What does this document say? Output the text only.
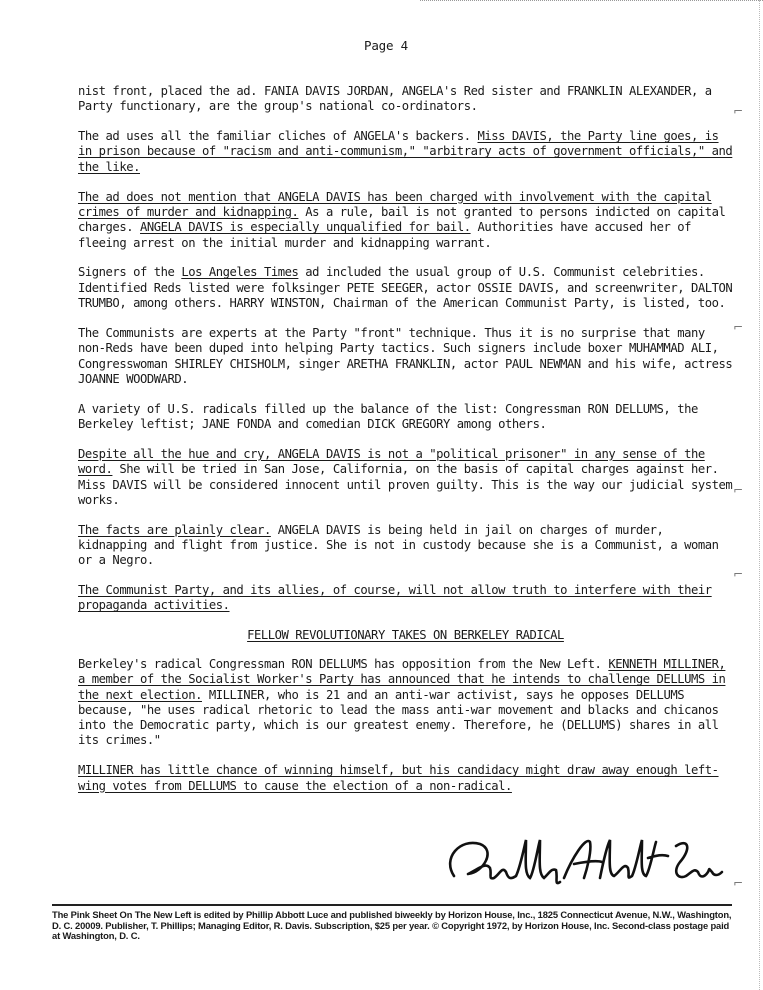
Page 4

nist front, placed the ad. FANIA DAVIS JORDAN, ANGELA's Red sister and FRANKLIN ALEXANDER, a Party functionary, are the group's national co-ordinators.

The ad uses all the familiar cliches of ANGELA's backers. Miss DAVIS, the Party line goes, is in prison because of "racism and anti-communism," "arbitrary acts of government officials," and the like.

The ad does not mention that ANGELA DAVIS has been charged with involvement with the capital crimes of murder and kidnapping. As a rule, bail is not granted to persons indicted on capital charges. ANGELA DAVIS is especially unqualified for bail. Authorities have accused her of fleeing arrest on the initial murder and kidnapping warrant.

Signers of the Los Angeles Times ad included the usual group of U.S. Communist celebrities. Identified Reds listed were folksinger PETE SEEGER, actor OSSIE DAVIS, and screenwriter, DALTON TRUMBO, among others. HARRY WINSTON, Chairman of the American Communist Party, is listed, too.

The Communists are experts at the Party "front" technique. Thus it is no surprise that many non-Reds have been duped into helping Party tactics. Such signers include boxer MUHAMMAD ALI, Congresswoman SHIRLEY CHISHOLM, singer ARETHA FRANKLIN, actor PAUL NEWMAN and his wife, actress JOANNE WOODWARD.

A variety of U.S. radicals filled up the balance of the list: Congressman RON DELLUMS, the Berkeley leftist; JANE FONDA and comedian DICK GREGORY among others.

Despite all the hue and cry, ANGELA DAVIS is not a "political prisoner" in any sense of the word. She will be tried in San Jose, California, on the basis of capital charges against her. Miss DAVIS will be considered innocent until proven guilty. This is the way our judicial system works.

The facts are plainly clear. ANGELA DAVIS is being held in jail on charges of murder, kidnapping and flight from justice. She is not in custody because she is a Communist, a woman or a Negro.

The Communist Party, and its allies, of course, will not allow truth to interfere with their propaganda activities.

FELLOW REVOLUTIONARY TAKES ON BERKELEY RADICAL

Berkeley's radical Congressman RON DELLUMS has opposition from the New Left. KENNETH MILLINER, a member of the Socialist Worker's Party has announced that he intends to challenge DELLUMS in the next election. MILLINER, who is 21 and an anti-war activist, says he opposes DELLUMS because, "he uses radical rhetoric to lead the mass anti-war movement and blacks and chicanos into the Democratic party, which is our greatest enemy. Therefore, he (DELLUMS) shares in all its crimes."

MILLINER has little chance of winning himself, but his candidacy might draw away enough left-wing votes from DELLUMS to cause the election of a non-radical.

⌐
⌐
⌐
⌐
⌐
The Pink Sheet On The New Left is edited by Phillip Abbott Luce and published biweekly by Horizon House, Inc., 1825 Connecticut Avenue, N.W., Washington, D. C. 20009. Publisher, T. Phillips; Managing Editor, R. Davis. Subscription, $25 per year. © Copyright 1972, by Horizon House, Inc. Second-class postage paid at Washington, D. C.
